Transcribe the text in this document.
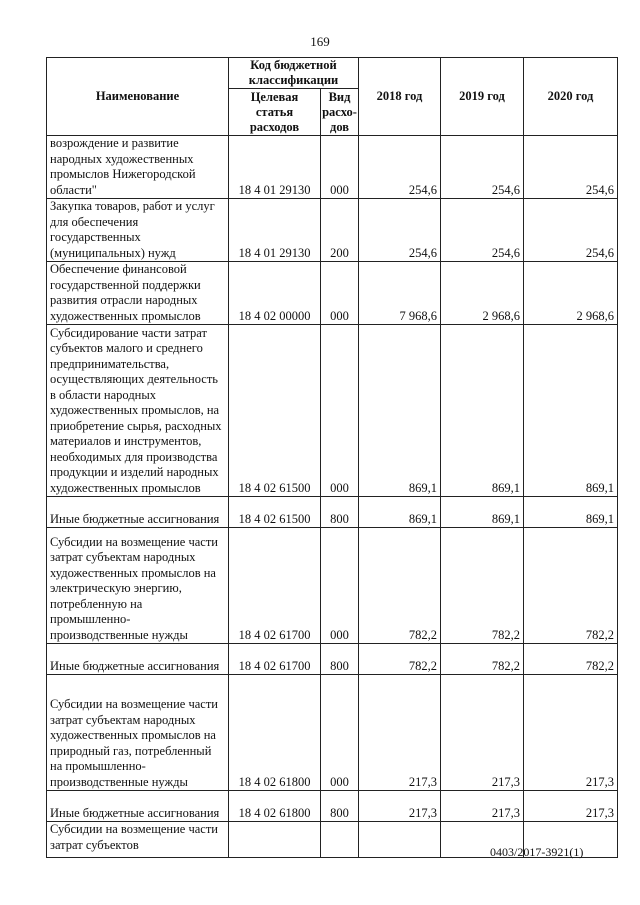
169
Наименование	Код бюджетной классификации		2018 год	2019 год	2020 год
	Целевая статья расходов	Вид расхо-дов			
возрождение и развитие народных художественных промыслов Нижегородской области"	18 4 01 29130	000	254,6	254,6	254,6
Закупка товаров, работ и услуг для обеспечения государственных (муниципальных) нужд	18 4 01 29130	200	254,6	254,6	254,6
Обеспечение финансовой государственной поддержки развития отрасли народных художественных промыслов	18 4 02 00000	000	7 968,6	2 968,6	2 968,6
Субсидирование части затрат субъектов малого и среднего предпринимательства, осуществляющих деятельность в области народных художественных промыслов, на приобретение сырья, расходных материалов и инструментов, необходимых для производства продукции и изделий народных художественных промыслов	18 4 02 61500	000	869,1	869,1	869,1
Иные бюджетные ассигнования	18 4 02 61500	800	869,1	869,1	869,1
Субсидии на возмещение части затрат субъектам народных художественных промыслов на электрическую энергию, потребленную на промышленно-производственные нужды	18 4 02 61700	000	782,2	782,2	782,2
Иные бюджетные ассигнования	18 4 02 61700	800	782,2	782,2	782,2
Субсидии на возмещение части затрат субъектам народных художественных промыслов на природный газ, потребленный на промышленно-производственные нужды	18 4 02 61800	000	217,3	217,3	217,3
Иные бюджетные ассигнования	18 4 02 61800	800	217,3	217,3	217,3
Субсидии на возмещение части затрат субъектов					
0403/2017-3921(1)
